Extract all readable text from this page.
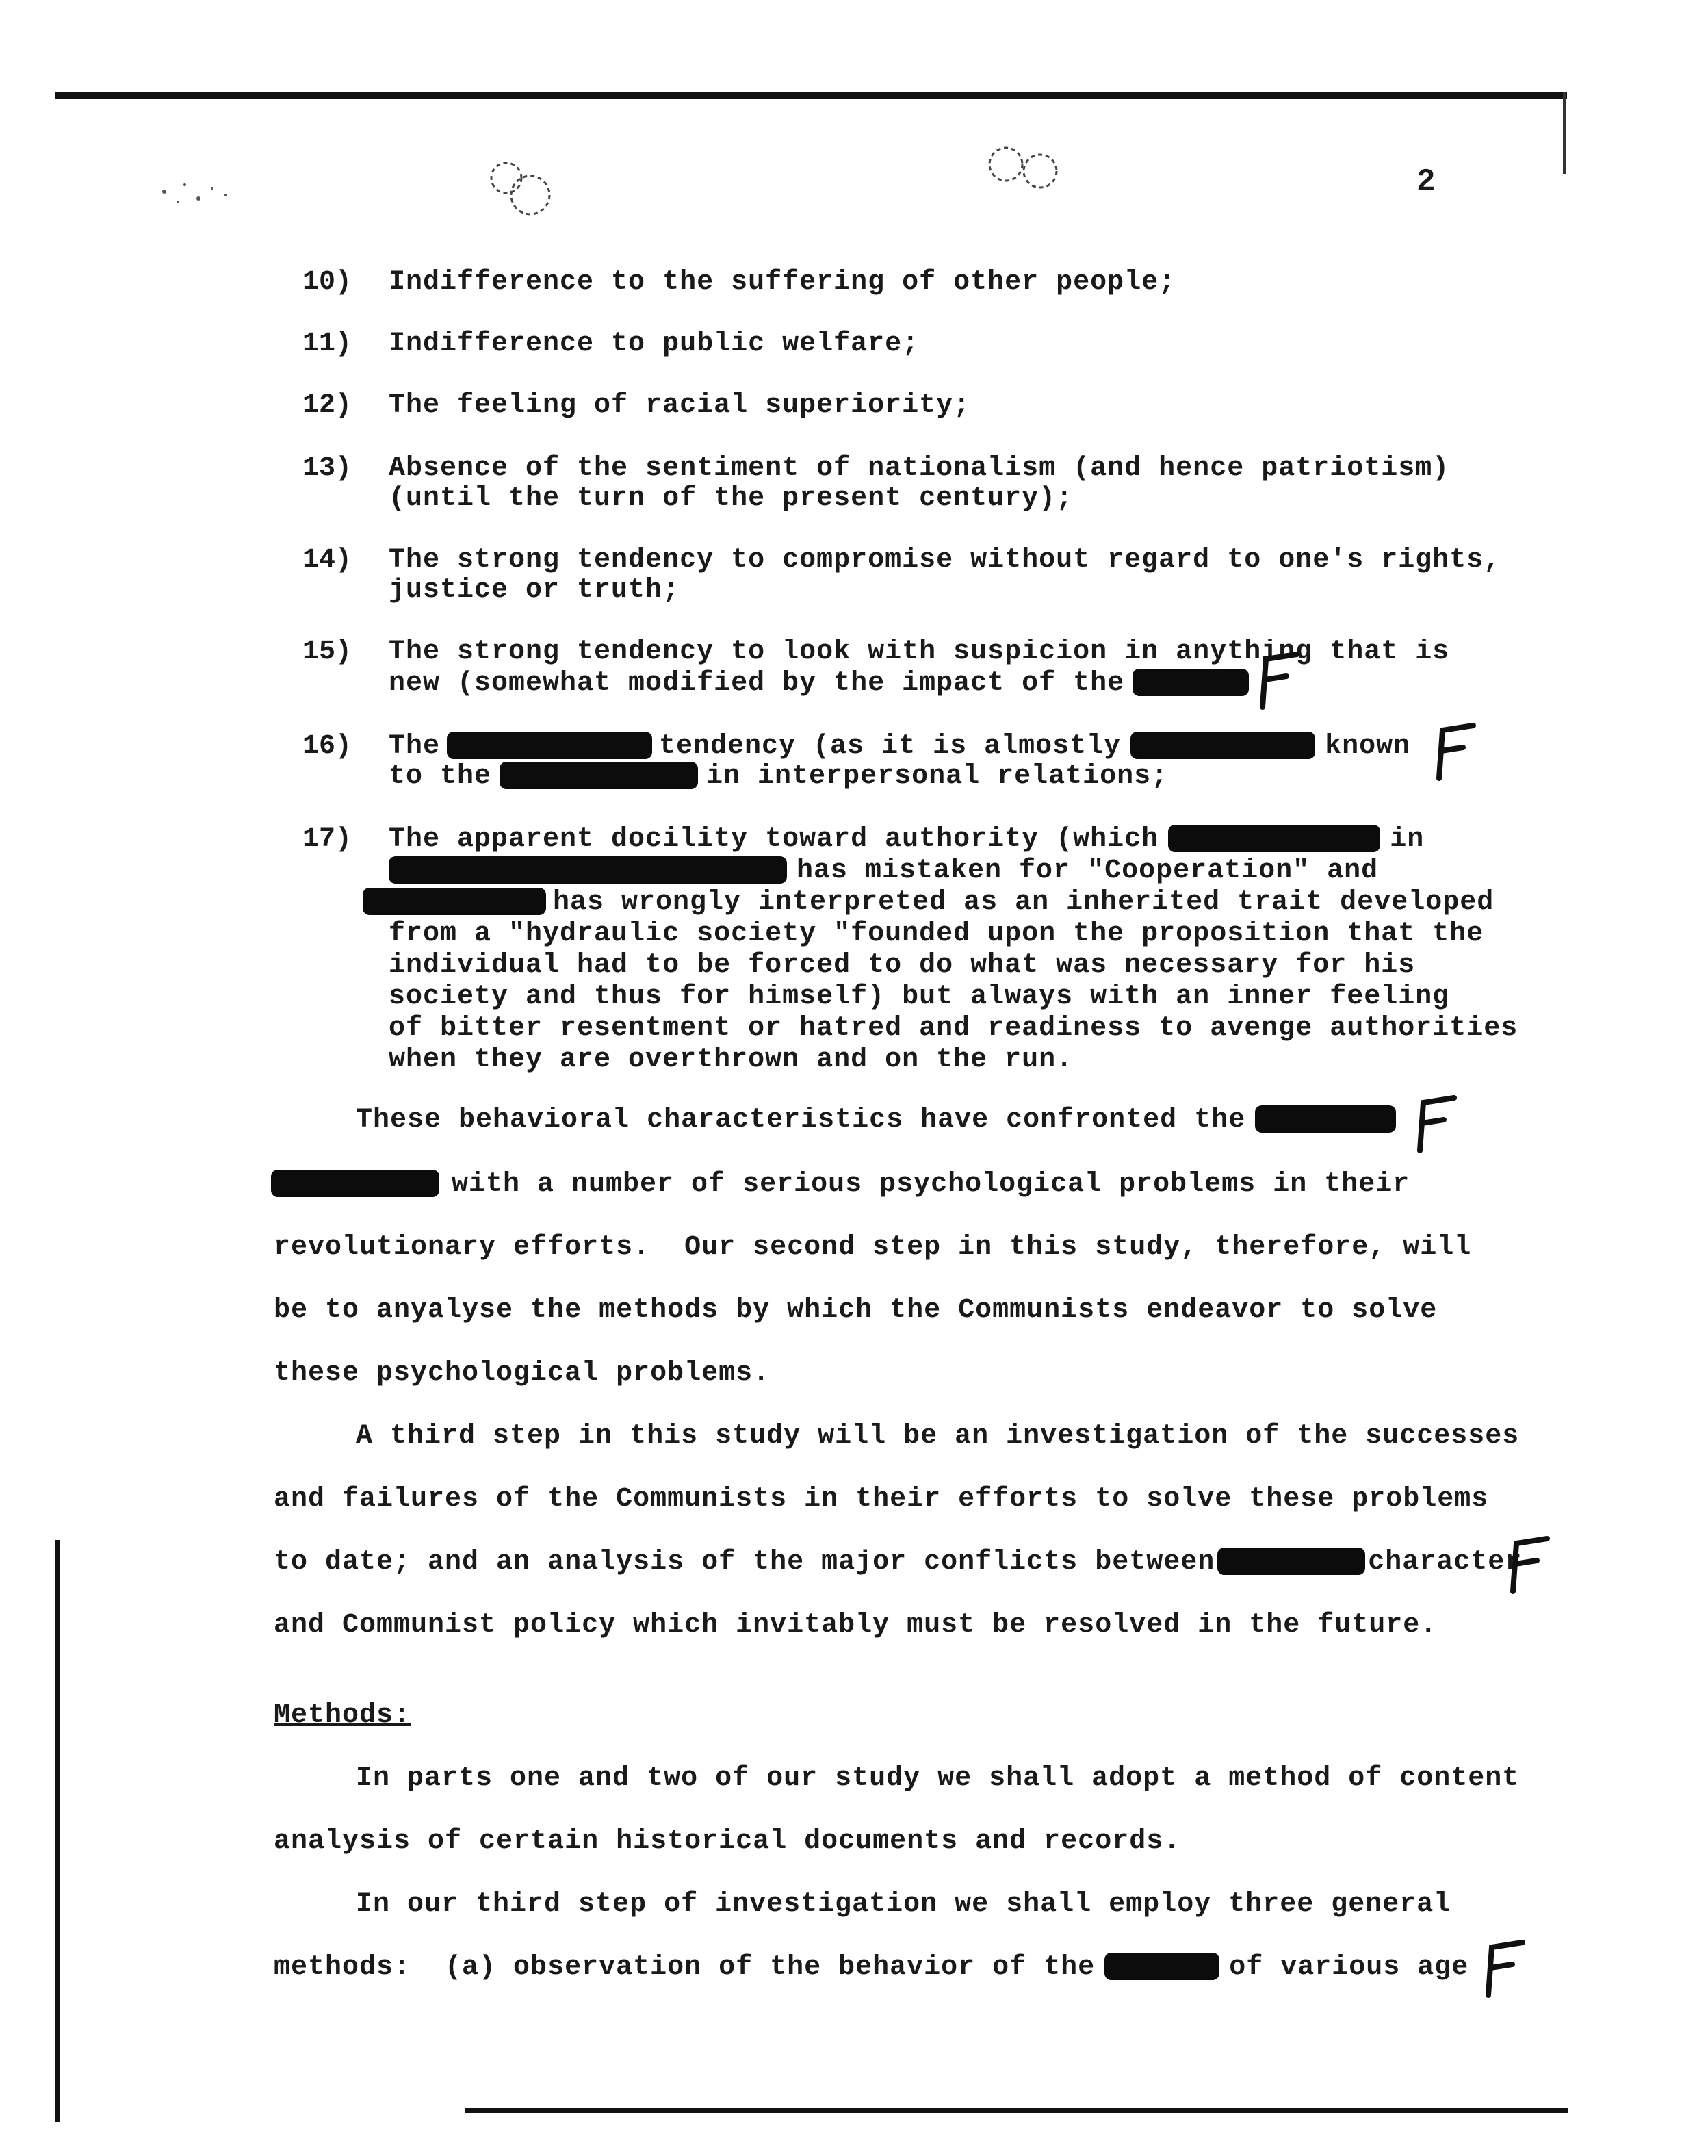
2
10) Indifference to the suffering of other people;
11) Indifference to public welfare;
12) The feeling of racial superiority;
13) Absence of the sentiment of nationalism (and hence patriotism)
(until the turn of the present century);
14) The strong tendency to compromise without regard to one's rights,
justice or truth;
15) The strong tendency to look with suspicion in anything that is
new (somewhat modified by the impact of the
16) The	tendency (as it is almostly	known
to the	in interpersonal relations;
17) The apparent docility toward authority (which	in
has mistaken for "Cooperation" and
has wrongly interpreted as an inherited trait developed
from a "hydraulic society "founded upon the proposition that the
individual had to be forced to do what was necessary for his
society and thus for himself) but always with an inner feeling
of bitter resentment or hatred and readiness to avenge authorities
when they are overthrown and on the run.
These behavioral characteristics have confronted the
with a number of serious psychological problems in their
revolutionary efforts.  Our second step in this study, therefore, will
be to anyalyse the methods by which the Communists endeavor to solve
these psychological problems.
A third step in this study will be an investigation of the successes
and failures of the Communists in their efforts to solve these problems
to date; and an analysis of the major conflicts between	character
and Communist policy which invitably must be resolved in the future.
Methods:
In parts one and two of our study we shall adopt a method of content
analysis of certain historical documents and records.
In our third step of investigation we shall employ three general
methods:  (a) observation of the behavior of the	of various age
